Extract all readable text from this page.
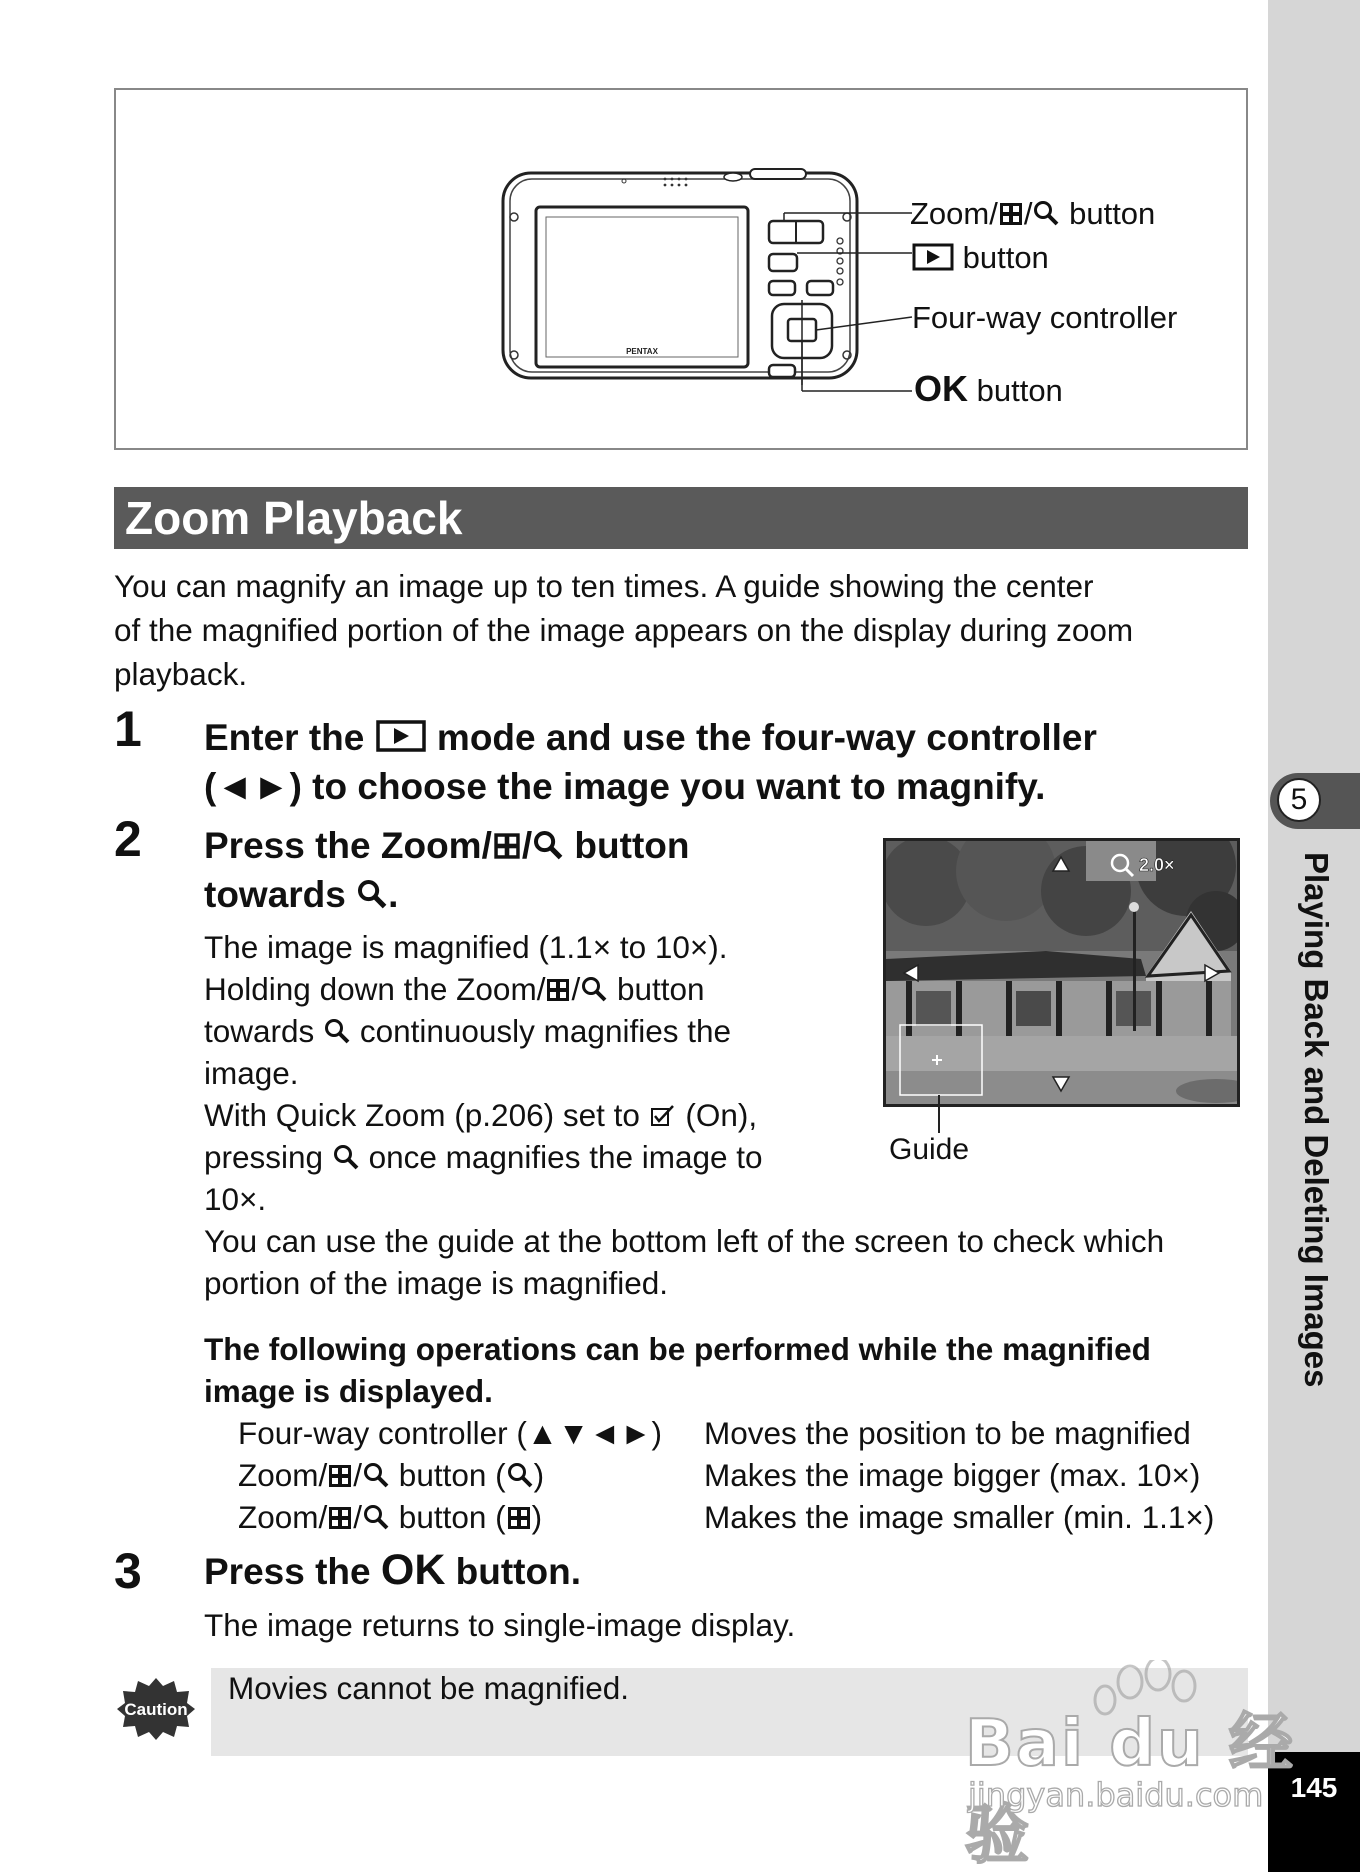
5
Playing Back and Deleting Images
145
PENTAX
Zoom/ / button
button
Four-way controller
OK button
Zoom Playback
You can magnify an image up to ten times. A guide showing the center
of the magnified portion of the image appears on the display during zoom
playback.
1 Enter the  mode and use the four-way controller
(◄►) to choose the image you want to magnify.
2 Press the Zoom/ / button
towards .
The image is magnified (1.1× to 10×).
Holding down the Zoom/ / button
towards  continuously magnifies the
image.
With Quick Zoom (p.206) set to  (On),
pressing  once magnifies the image to
10×.
You can use the guide at the bottom left of the screen to check which
portion of the image is magnified.
2.0×
Guide
The following operations can be performed while the magnified
image is displayed.
Four-way controller (▲▼◄►) Moves the position to be magnified
Zoom/ / button ( )	Makes the image bigger (max. 10×)
Zoom/ / button ( )	Makes the image smaller (min. 1.1×)
3 Press the OK button.
The image returns to single-image display.
Caution
Movies cannot be magnified.
Bai du 经验
jingyan.baidu.com
